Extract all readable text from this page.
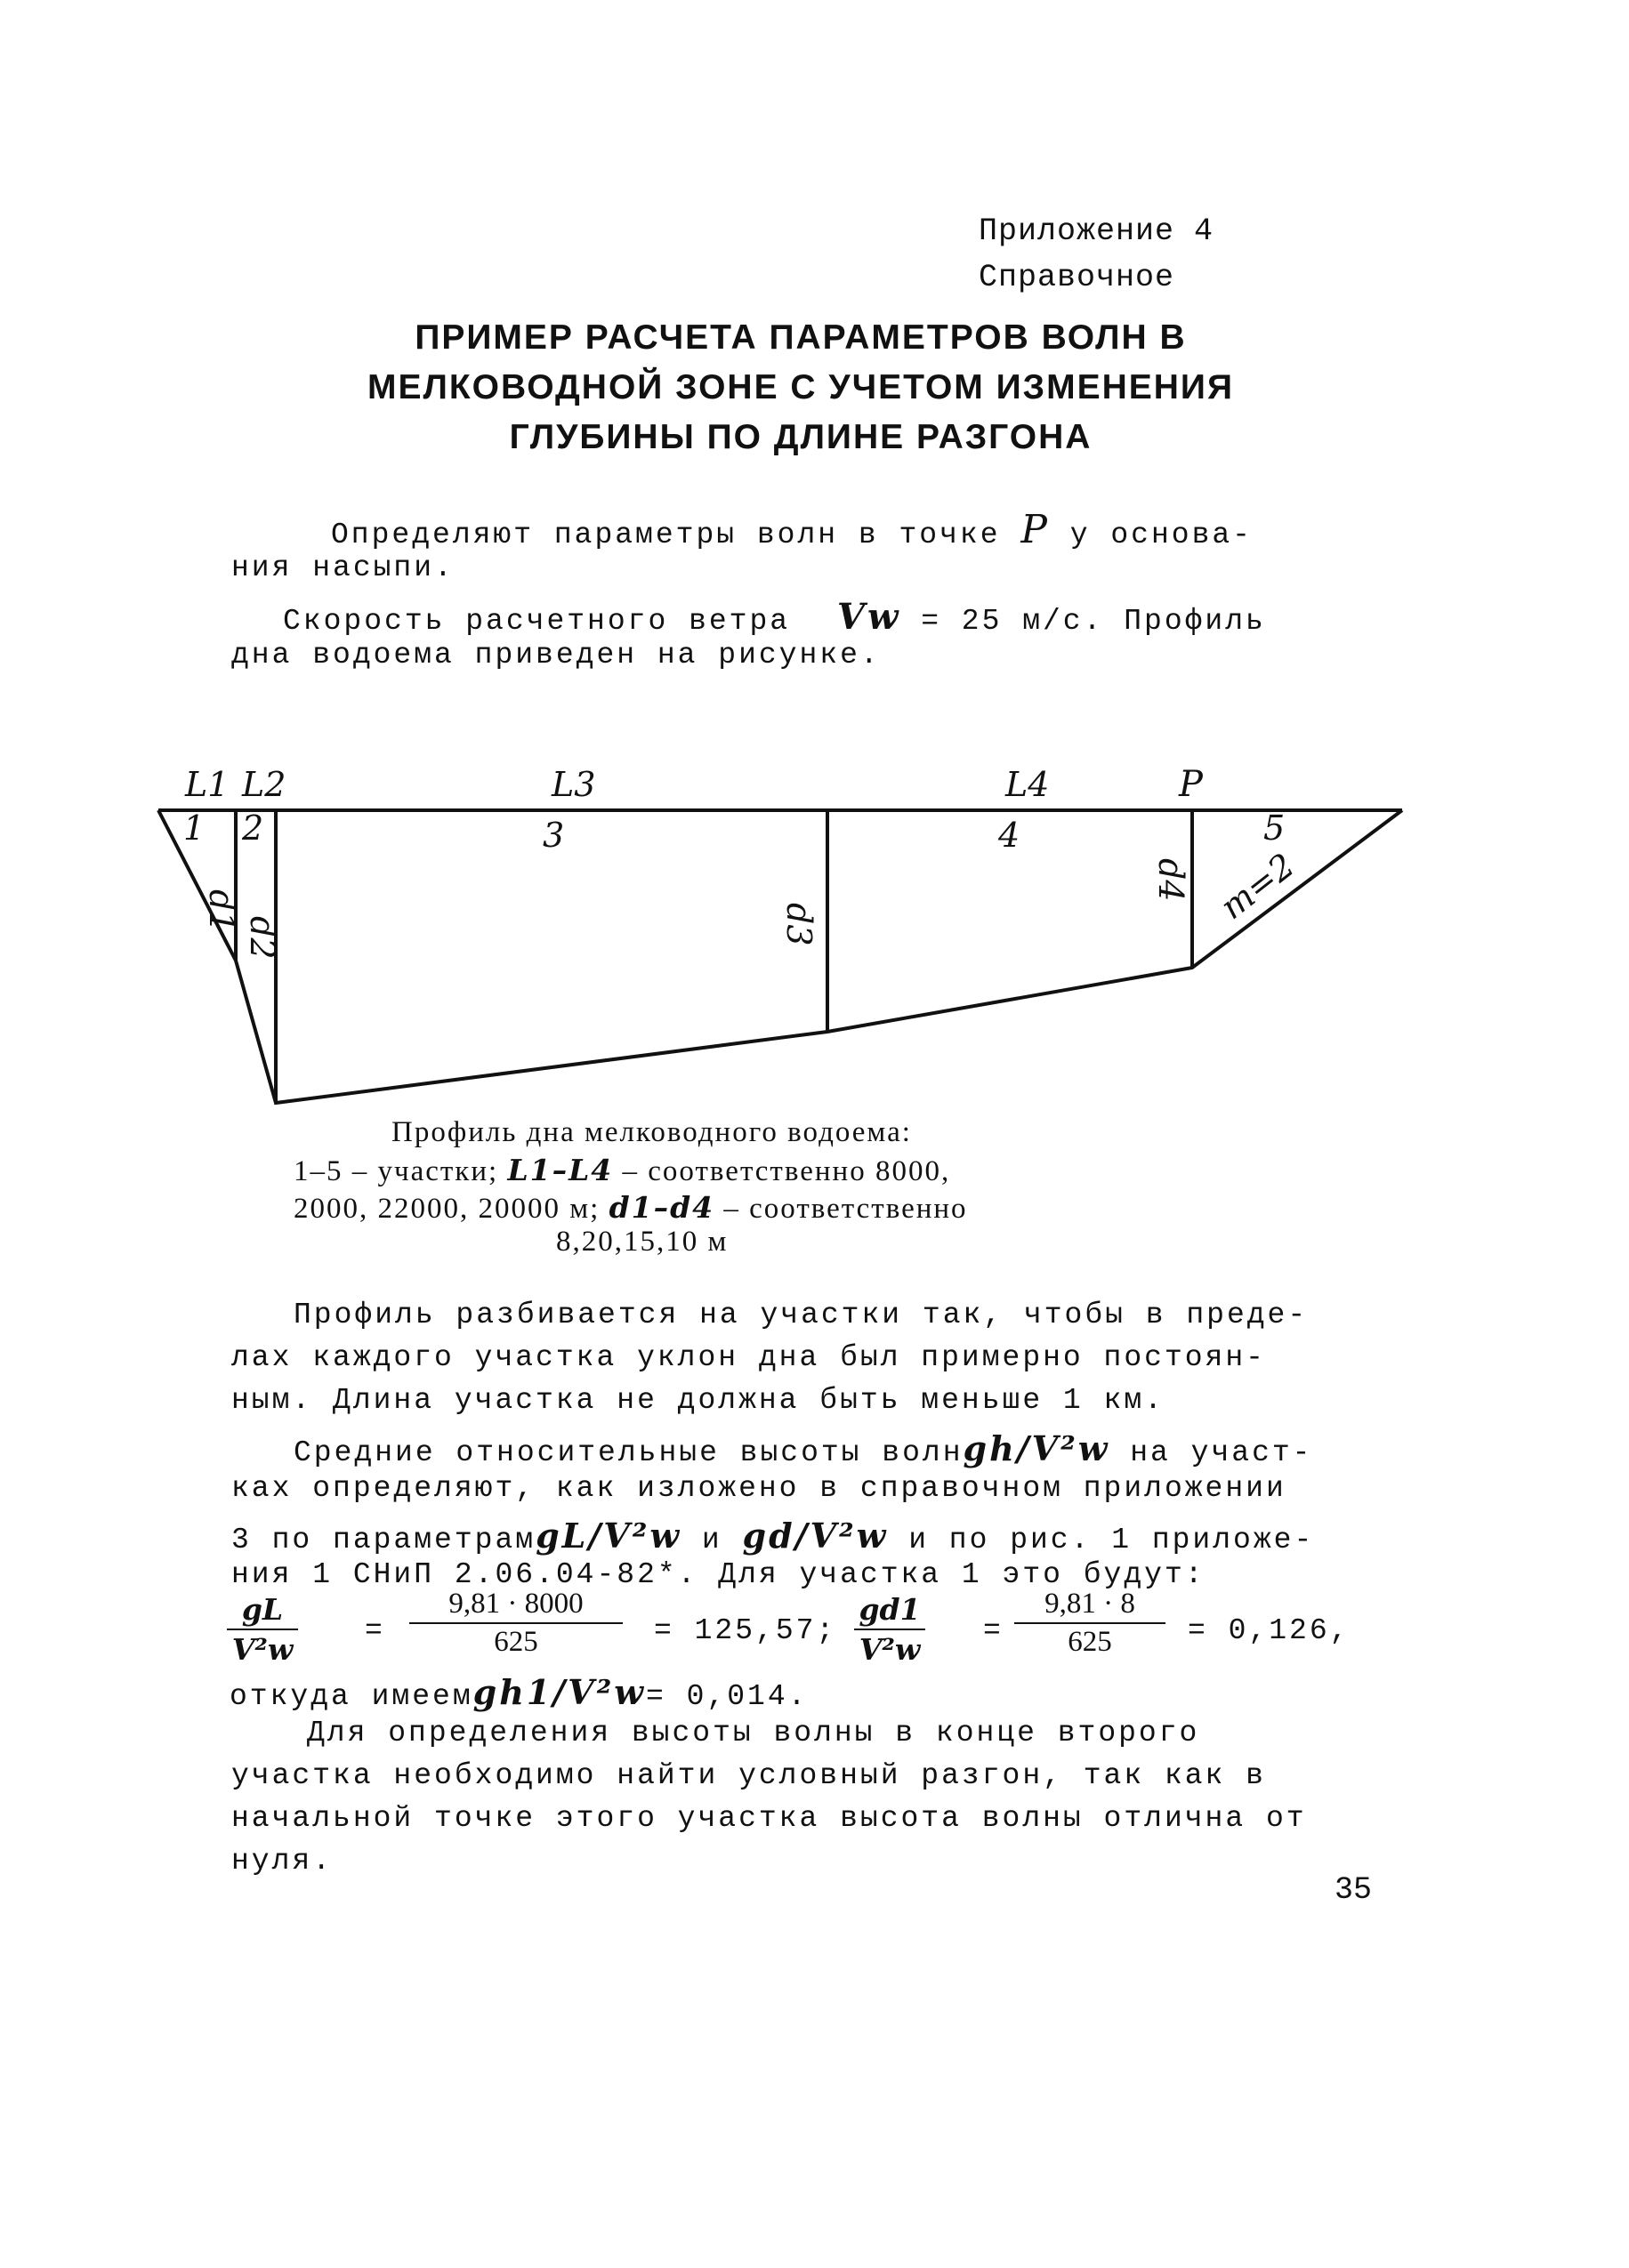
Приложение 4
Справочное
ПРИМЕР РАСЧЕТА ПАРАМЕТРОВ ВОЛН В
МЕЛКОВОДНОЙ ЗОНЕ С УЧЕТОМ ИЗМЕНЕНИЯ
ГЛУБИНЫ ПО ДЛИНЕ РАЗГОНА
Определяют параметры волн в точке P у основа-
ния насыпи.
Скорость расчетного ветра Vw = 25 м/с. Профиль
дна водоема приведен на рисунке.
L1 L2	L3	L4	P
1 2	3	4	5
d1
d2	d3
d4 m=2
Профиль дна мелководного водоема:
1–5 – участки; L1–L4 – соответственно 8000,
2000, 22000, 20000 м; d1–d4 – соответственно
8,20,15,10 м
Профиль разбивается на участки так, чтобы в преде-
лах каждого участка уклон дна был примерно постоян-
ным. Длина участка не должна быть меньше 1 км.
Средние относительные высоты волнgh/V²w на участ-
ках определяют, как изложено в справочном приложении
3 по параметрамgL/V²w и gd/V²w и по рис. 1 приложе-
ния 1 СНиП 2.06.04-82*. Для участка 1 это будут:
gL
V²w
=
9,81 · 8000
625	= 125,57;
gd1
V²w
=
9,81 · 8
625	= 0,126,
откуда имеемgh1/V²w= 0,014.
Для определения высоты волны в конце второго
участка необходимо найти условный разгон, так как в
начальной точке этого участка высота волны отлична от
нуля.
35
